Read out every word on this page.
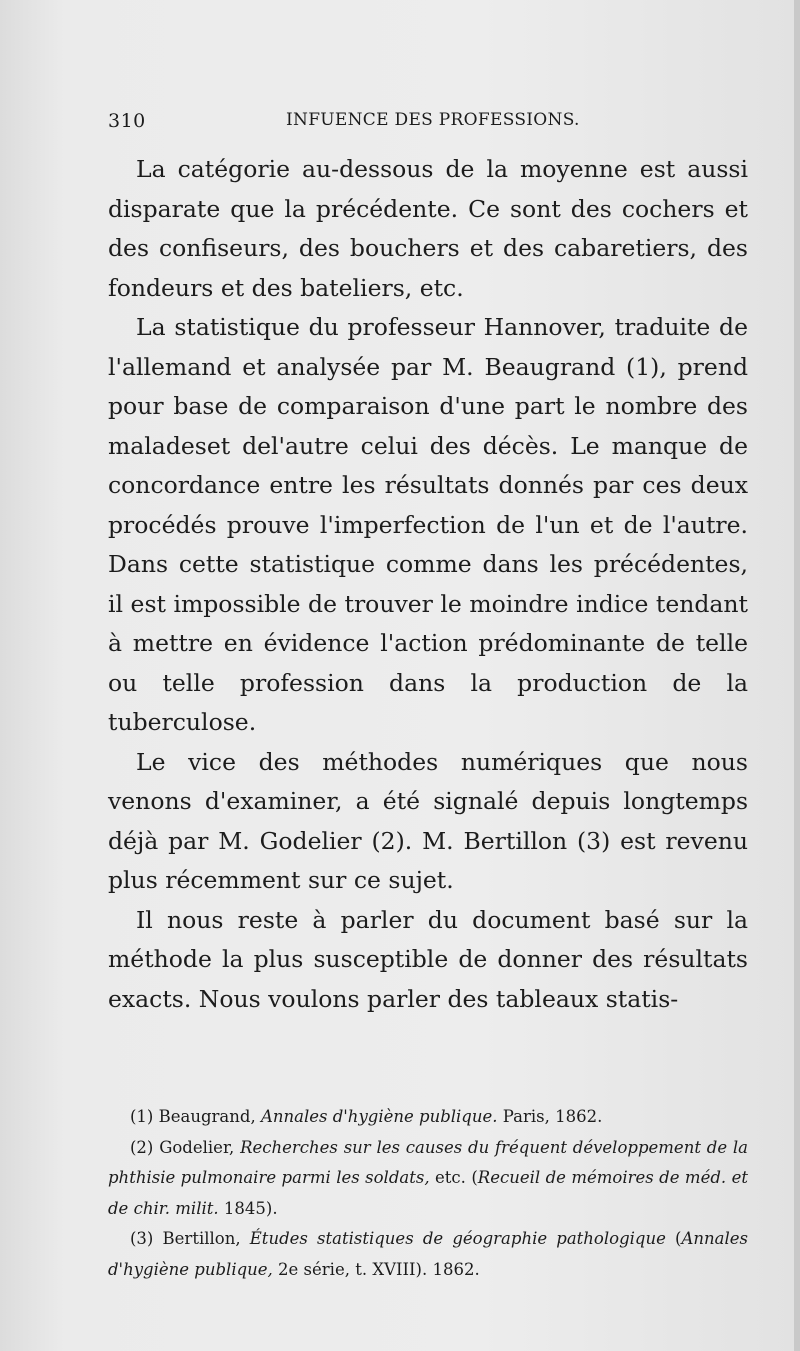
310	INFUENCE DES PROFESSIONS.

La catégorie au-dessous de la moyenne est aussi disparate que la précédente. Ce sont des cochers et des confiseurs, des bouchers et des cabaretiers, des fondeurs et des bateliers, etc.

La statistique du professeur Hannover, traduite de l'allemand et analysée par M. Beaugrand (1), prend pour base de comparaison d'une part le nombre des maladeset del'autre celui des décès. Le manque de concordance entre les résultats donnés par ces deux procédés prouve l'imperfection de l'un et de l'autre. Dans cette statistique comme dans les précédentes, il est impossible de trouver le moindre indice tendant à mettre en évidence l'action prédominante de telle ou telle profession dans la production de la tuberculose.

Le vice des méthodes numériques que nous venons d'examiner, a été signalé depuis longtemps déjà par M. Godelier (2). M. Bertillon (3) est revenu plus récemment sur ce sujet.

Il nous reste à parler du document basé sur la méthode la plus susceptible de donner des résultats exacts. Nous voulons parler des tableaux statis-

(1) Beaugrand, Annales d'hygiène publique. Paris, 1862.

(2) Godelier, Recherches sur les causes du fréquent développement de la phthisie pulmonaire parmi les soldats, etc. (Recueil de mémoires de méd. et de chir. milit. 1845).

(3) Bertillon, Études statistiques de géographie pathologique (Annales d'hygiène publique, 2e série, t. XVIII). 1862.
